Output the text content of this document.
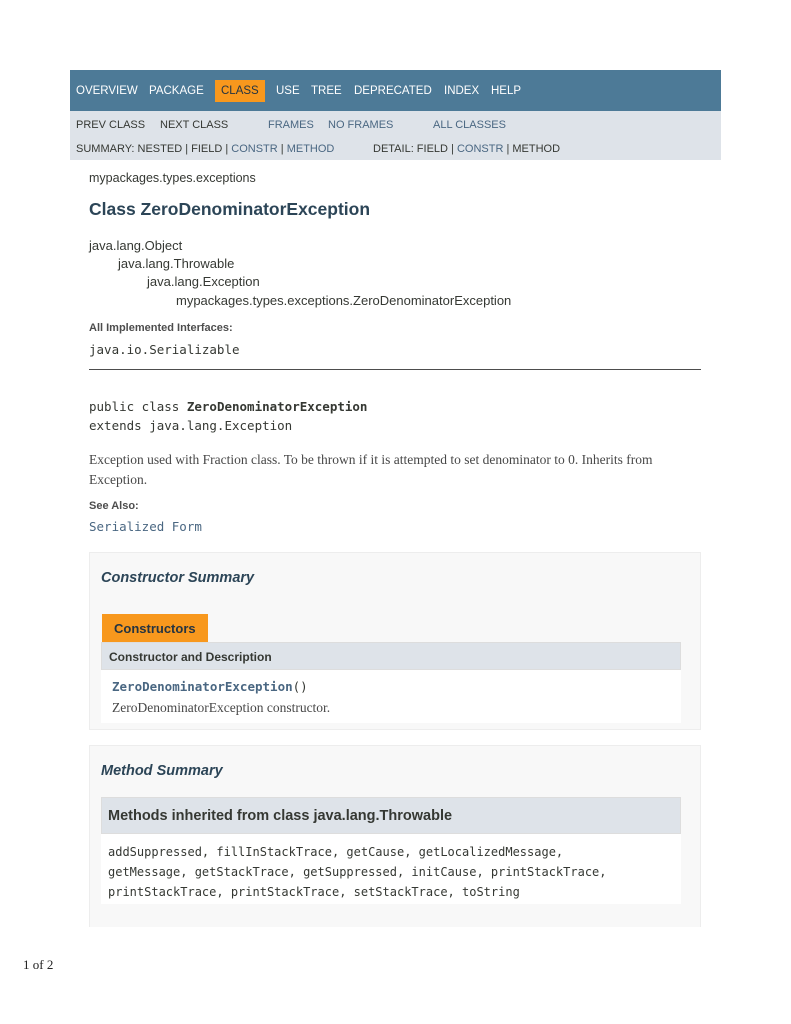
OVERVIEW PACKAGE	CLASS	USE TREE DEPRECATED INDEX HELP
PREV CLASS NEXT CLASS	FRAMES NO FRAMES	ALL CLASSES
SUMMARY: NESTED | FIELD | CONSTR | METHOD	DETAIL: FIELD | CONSTR | METHOD
mypackages.types.exceptions
Class ZeroDenominatorException
java.lang.Object
java.lang.Throwable
java.lang.Exception
mypackages.types.exceptions.ZeroDenominatorException
All Implemented Interfaces:
java.io.Serializable
public class ZeroDenominatorException
extends java.lang.Exception
Exception used with Fraction class. To be thrown if it is attempted to set denominator to 0. Inherits from Exception.
See Also:
Serialized Form
Constructor Summary
Constructors
Constructor and Description
ZeroDenominatorException()
ZeroDenominatorException constructor.
Method Summary
Methods inherited from class java.lang.Throwable
addSuppressed, fillInStackTrace, getCause, getLocalizedMessage,
getMessage, getStackTrace, getSuppressed, initCause, printStackTrace,
printStackTrace, printStackTrace, setStackTrace, toString
1 of 2
